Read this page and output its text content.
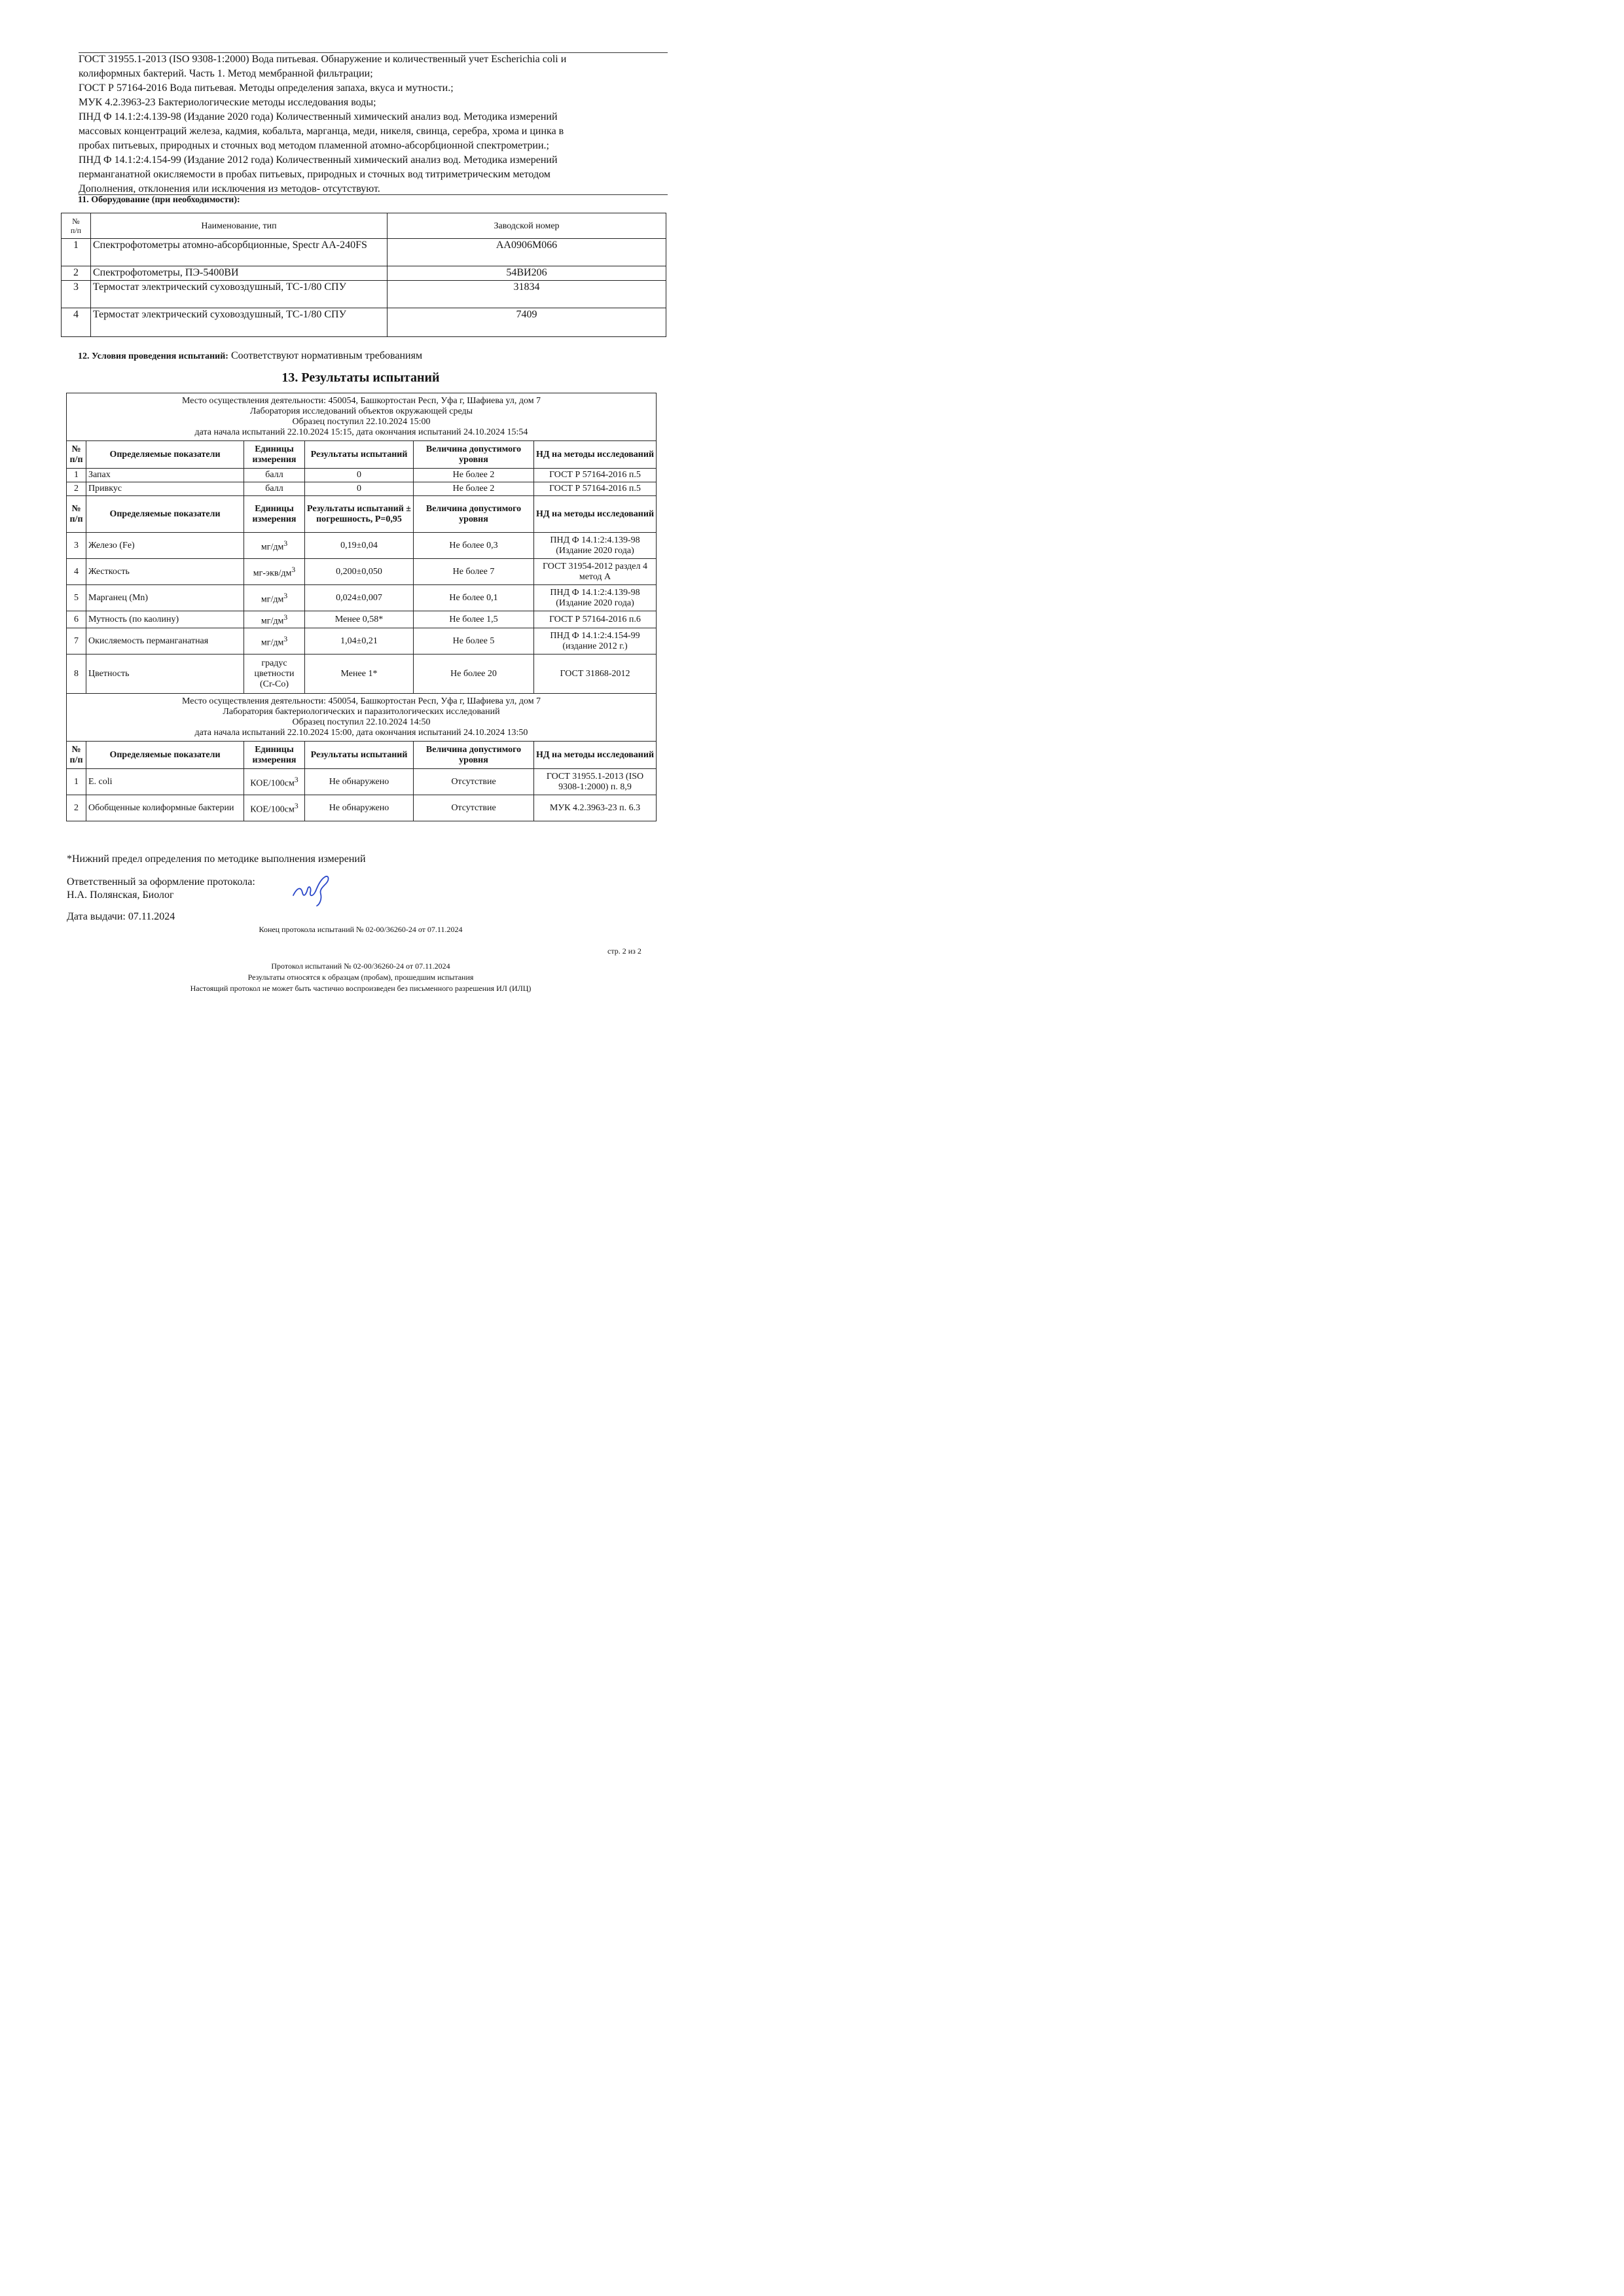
ГОСТ 31955.1-2013 (ISO 9308-1:2000) Вода питьевая. Обнаружение и количественный учет Escherichia coli и
колиформных бактерий. Часть 1. Метод мембранной фильтрации;
ГОСТ Р 57164-2016 Вода питьевая. Методы определения запаха, вкуса и мутности.;
МУК 4.2.3963-23 Бактериологические методы исследования воды;
ПНД Ф 14.1:2:4.139-98 (Издание 2020 года) Количественный химический анализ вод. Методика измерений
массовых концентраций железа, кадмия, кобальта, марганца, меди, никеля, свинца, серебра, хрома и цинка в
пробах питьевых, природных и сточных вод методом пламенной атомно-абсорбционной спектрометрии.;
ПНД Ф 14.1:2:4.154-99 (Издание 2012 года) Количественный химический анализ вод. Методика измерений
перманганатной окисляемости в пробах питьевых, природных и сточных вод титриметрическим методом
Дополнения, отклонения или исключения из методов- отсутствуют.
11. Оборудование (при необходимости):
№
п/п	Наименование, тип	Заводской номер
1	Спектрофотометры атомно-абсорбционные, Spectr AA-240FS	AA0906M066
2	Спектрофотометры, ПЭ-5400ВИ	54ВИ206
3	Термостат электрический суховоздушный, ТС-1/80 СПУ	31834
4	Термостат электрический суховоздушный, ТС-1/80 СПУ	7409
12. Условия проведения испытаний: Соответствуют нормативным требованиям
13. Результаты испытаний
Место осуществления деятельности: 450054, Башкортостан Респ, Уфа г, Шафиева ул, дом 7
Лаборатория исследований объектов окружающей среды
Образец поступил 22.10.2024 15:00
дата начала испытаний 22.10.2024 15:15, дата окончания испытаний 24.10.2024 15:54					

№
п/п	Определяемые показатели	Единицы измерения	Результаты испытаний	Величина допустимого уровня	НД на методы исследований
1	Запах	балл	0	Не более 2	ГОСТ Р 57164-2016 п.5
2	Привкус	балл	0	Не более 2	ГОСТ Р 57164-2016 п.5
№
п/п	Определяемые показатели	Единицы измерения	Результаты испытаний ± погрешность, P=0,95	Величина допустимого уровня	НД на методы исследований
3	Железо (Fe)	$мг/дм^3$	0,19±0,04	Не более 0,3	ПНД Ф 14.1:2:4.139-98 (Издание 2020 года)
4	Жесткость	$мг-экв/дм^3$	0,200±0,050	Не более 7	ГОСТ 31954-2012 раздел 4 метод А
5	Марганец (Mn)	$мг/дм^3$	0,024±0,007	Не более 0,1	ПНД Ф 14.1:2:4.139-98 (Издание 2020 года)
6	Мутность (по каолину)	$мг/дм^3$	Менее 0,58*	Не более 1,5	ГОСТ Р 57164-2016 п.6
7	Окисляемость перманганатная	$мг/дм^3$	1,04±0,21	Не более 5	ПНД Ф 14.1:2:4.154-99 (издание 2012 г.)
8	Цветность	градус цветности (Cr-Co)	Менее 1*	Не более 20	ГОСТ 31868-2012

Место осуществления деятельности: 450054, Башкортостан Респ, Уфа г, Шафиева ул, дом 7
Лаборатория бактериологических и паразитологических исследований
Образец поступил 22.10.2024 14:50
дата начала испытаний 22.10.2024 15:00, дата окончания испытаний 24.10.2024 13:50					

№
п/п	Определяемые показатели	Единицы измерения	Результаты испытаний	Величина допустимого уровня	НД на методы исследований
1	E. coli	КОЕ/$100см^3$	Не обнаружено	Отсутствие	ГОСТ 31955.1-2013 (ISO 9308-1:2000) п. 8,9
2	Обобщенные колиформные бактерии	КОЕ/$100см^3$	Не обнаружено	Отсутствие	МУК 4.2.3963-23 п. 6.3
*Нижний предел определения по методике выполнения измерений
Ответственный за оформление протокола:
Н.А. Полянская, Биолог
Дата выдачи: 07.11.2024
Конец протокола испытаний № 02-00/36260-24 от 07.11.2024
стр. 2 из 2
Протокол испытаний № 02-00/36260-24 от 07.11.2024
Результаты относятся к образцам (пробам), прошедшим испытания
Настоящий протокол не может быть частично воспроизведен без письменного разрешения ИЛ (ИЛЦ)
